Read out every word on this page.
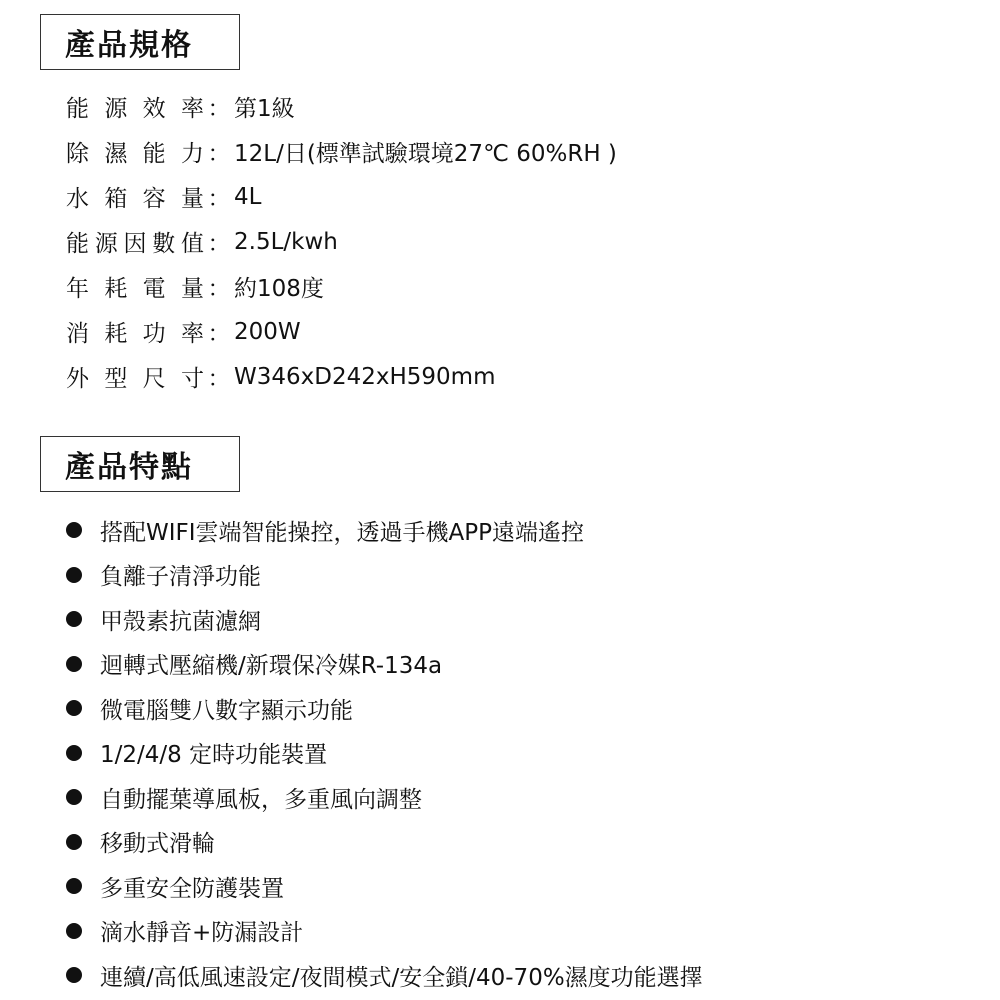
產品規格
能源效率 ： 第1級
除濕能力 ： 12L/日(標準試驗環境27℃ 60%RH )
水箱容量 ： 4L
能源因數值 ： 2.5L/kwh
年耗電量 ： 約108度
消耗功率 ： 200W
外型尺寸 ： W346xD242xH590mm
產品特點
搭配WIFI雲端智能操控，透過手機APP遠端遙控
負離子清淨功能
甲殼素抗菌濾網
迴轉式壓縮機/新環保冷媒R-134a
微電腦雙八數字顯示功能
1/2/4/8 定時功能裝置
自動擺葉導風板，多重風向調整
移動式滑輪
多重安全防護裝置
滴水靜音+防漏設計
連續/高低風速設定/夜間模式/安全鎖/40-70%濕度功能選擇
